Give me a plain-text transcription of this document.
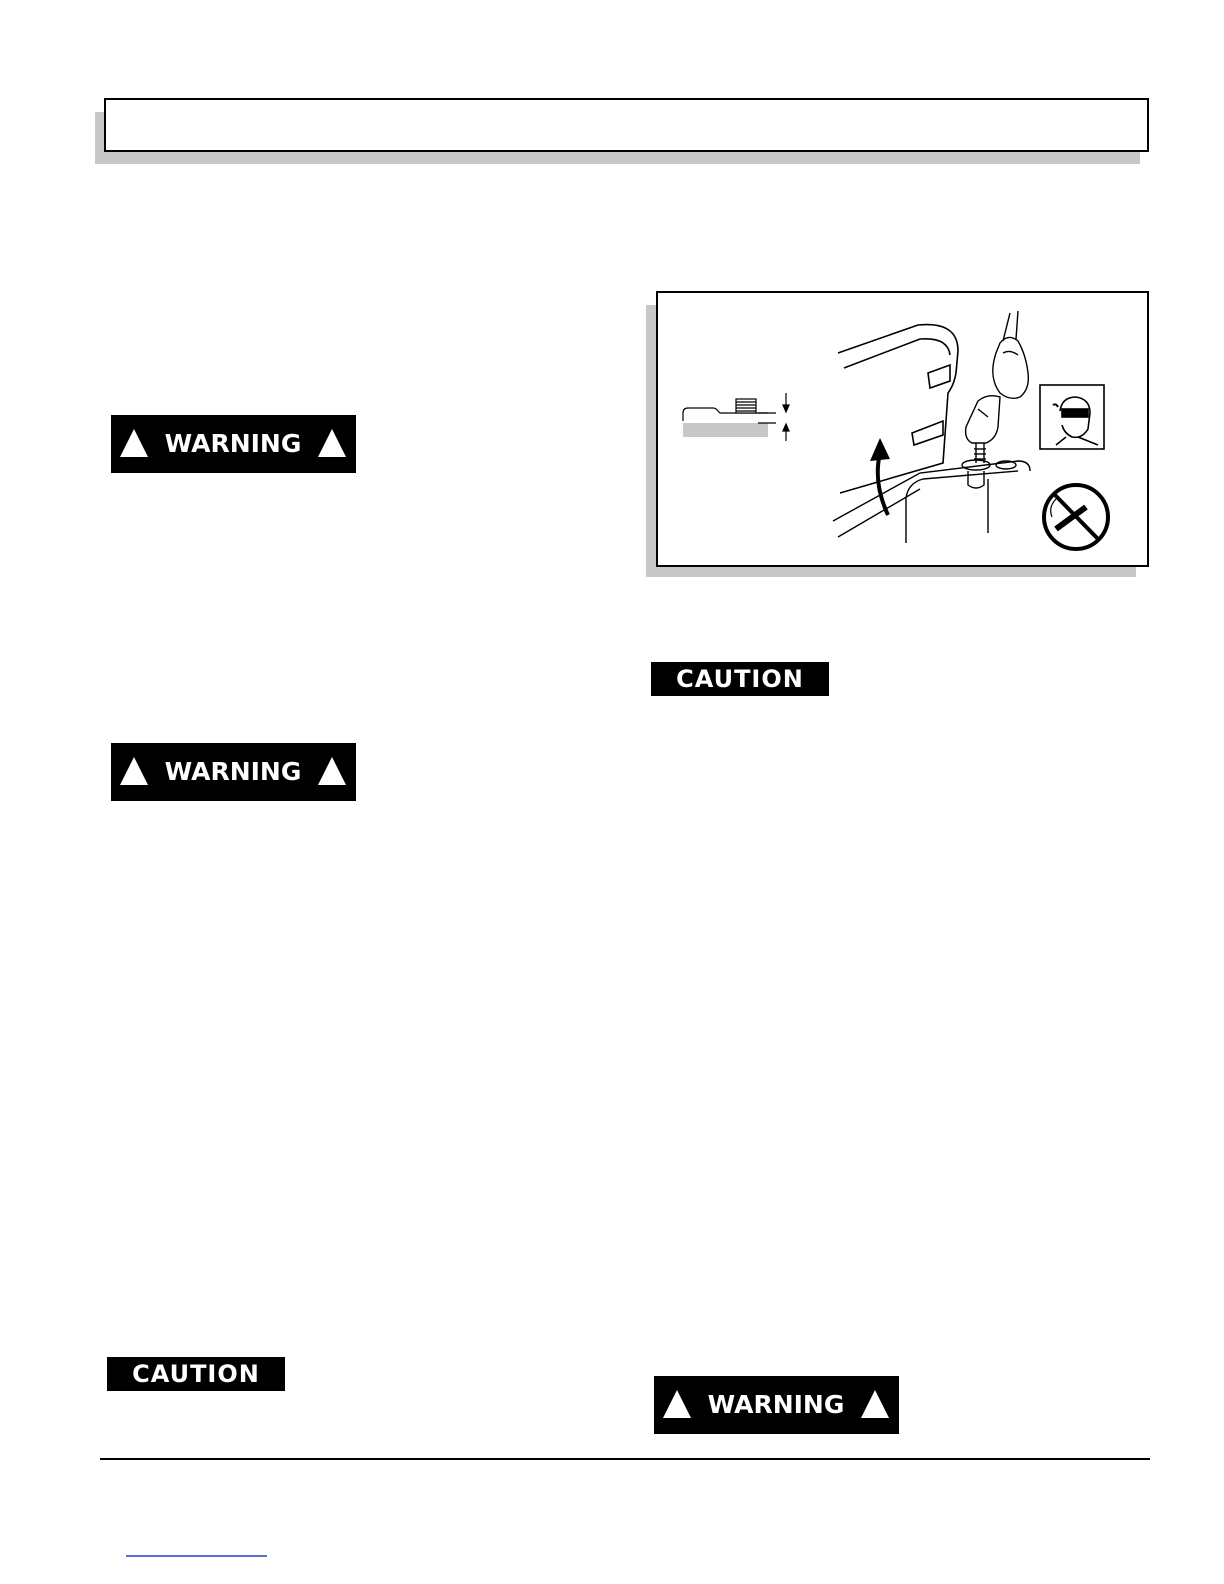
WARNING
WARNING
CAUTION
CAUTION
WARNING
